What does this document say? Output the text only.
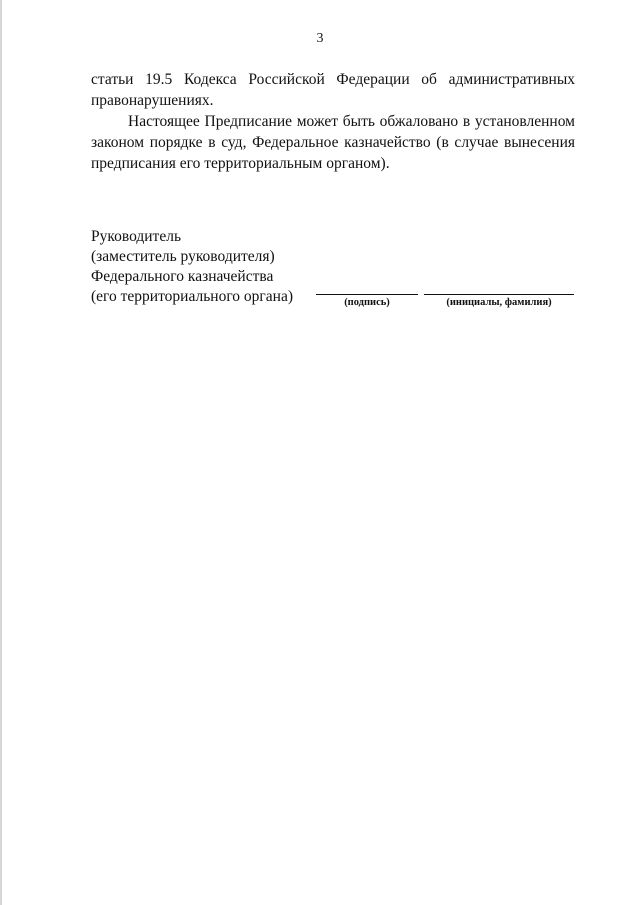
3

статьи 19.5 Кодекса Российской Федерации об административных правонарушениях.

Настоящее Предписание может быть обжаловано в установленном законом порядке в суд, Федеральное казначейство (в случае вынесения предписания его территориальным органом).

Руководитель
(заместитель руководителя)
Федерального казначейства
(его территориального органа)	(подпись)	(инициалы, фамилия)
